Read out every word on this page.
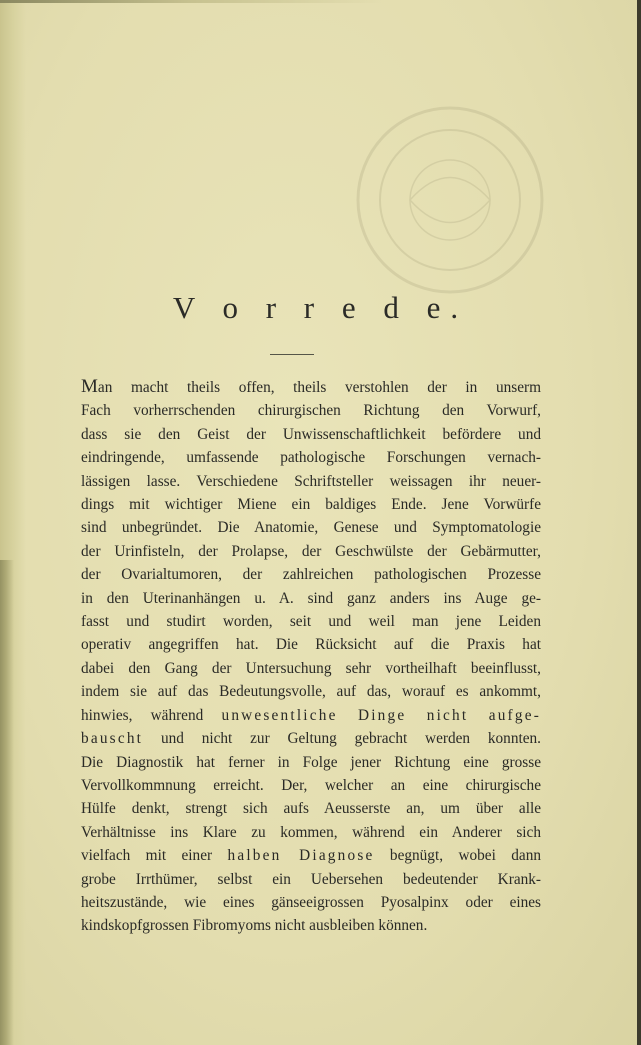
V o r r e d e.

Man macht theils offen, theils verstohlen der in unserm
Fach vorherrschenden chirurgischen Richtung den Vorwurf,
dass sie den Geist der Unwissenschaftlichkeit befördere und
eindringende, umfassende pathologische Forschungen vernach-
lässigen lasse. Verschiedene Schriftsteller weissagen ihr neuer-
dings mit wichtiger Miene ein baldiges Ende. Jene Vorwürfe
sind unbegründet. Die Anatomie, Genese und Symptomatologie
der Urinfisteln, der Prolapse, der Geschwülste der Gebärmutter,
der Ovarialtumoren, der zahlreichen pathologischen Prozesse
in den Uterinanhängen u. A. sind ganz anders ins Auge ge-
fasst und studirt worden, seit und weil man jene Leiden
operativ angegriffen hat. Die Rücksicht auf die Praxis hat
dabei den Gang der Untersuchung sehr vortheilhaft beeinflusst,
indem sie auf das Bedeutungsvolle, auf das, worauf es ankommt,
hinwies, während unwesentliche Dinge nicht aufge-
bauscht und nicht zur Geltung gebracht werden konnten.
Die Diagnostik hat ferner in Folge jener Richtung eine grosse
Vervollkommnung erreicht. Der, welcher an eine chirurgische
Hülfe denkt, strengt sich aufs Aeusserste an, um über alle
Verhältnisse ins Klare zu kommen, während ein Anderer sich
vielfach mit einer halben Diagnose begnügt, wobei dann
grobe Irrthümer, selbst ein Uebersehen bedeutender Krank-
heitszustände, wie eines gänseeigrossen Pyosalpinx oder eines
kindskopfgrossen Fibromyoms nicht ausbleiben können.
